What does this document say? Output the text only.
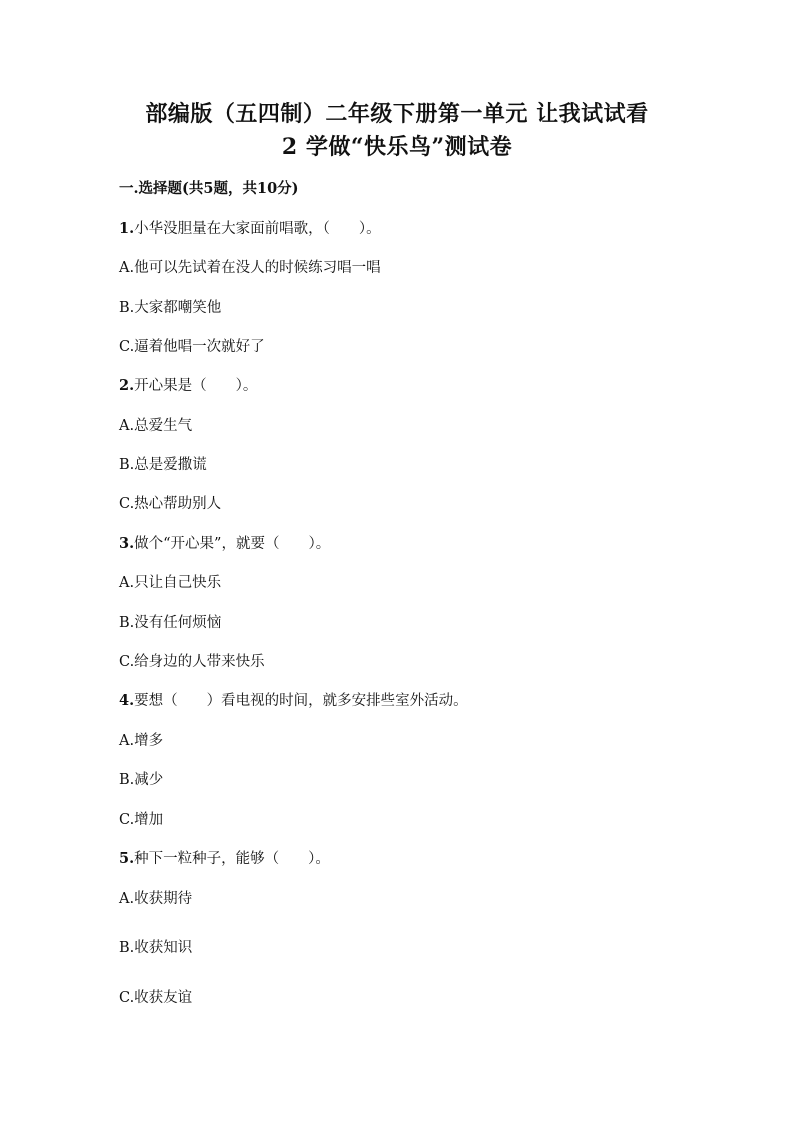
部编版（五四制）二年级下册第一单元 让我试试看
2 学做“快乐鸟”测试卷
一.选择题(共5题，共10分)
1.小华没胆量在大家面前唱歌，（　　）。
A.他可以先试着在没人的时候练习唱一唱
B.大家都嘲笑他
C.逼着他唱一次就好了
2.开心果是（　　）。
A.总爱生气
B.总是爱撒谎
C.热心帮助别人
3.做个“开心果”，就要（　　）。
A.只让自己快乐
B.没有任何烦恼
C.给身边的人带来快乐
4.要想（　　）看电视的时间，就多安排些室外活动。
A.增多
B.减少
C.增加
5.种下一粒种子，能够（　　）。
A.收获期待
B.收获知识
C.收获友谊
